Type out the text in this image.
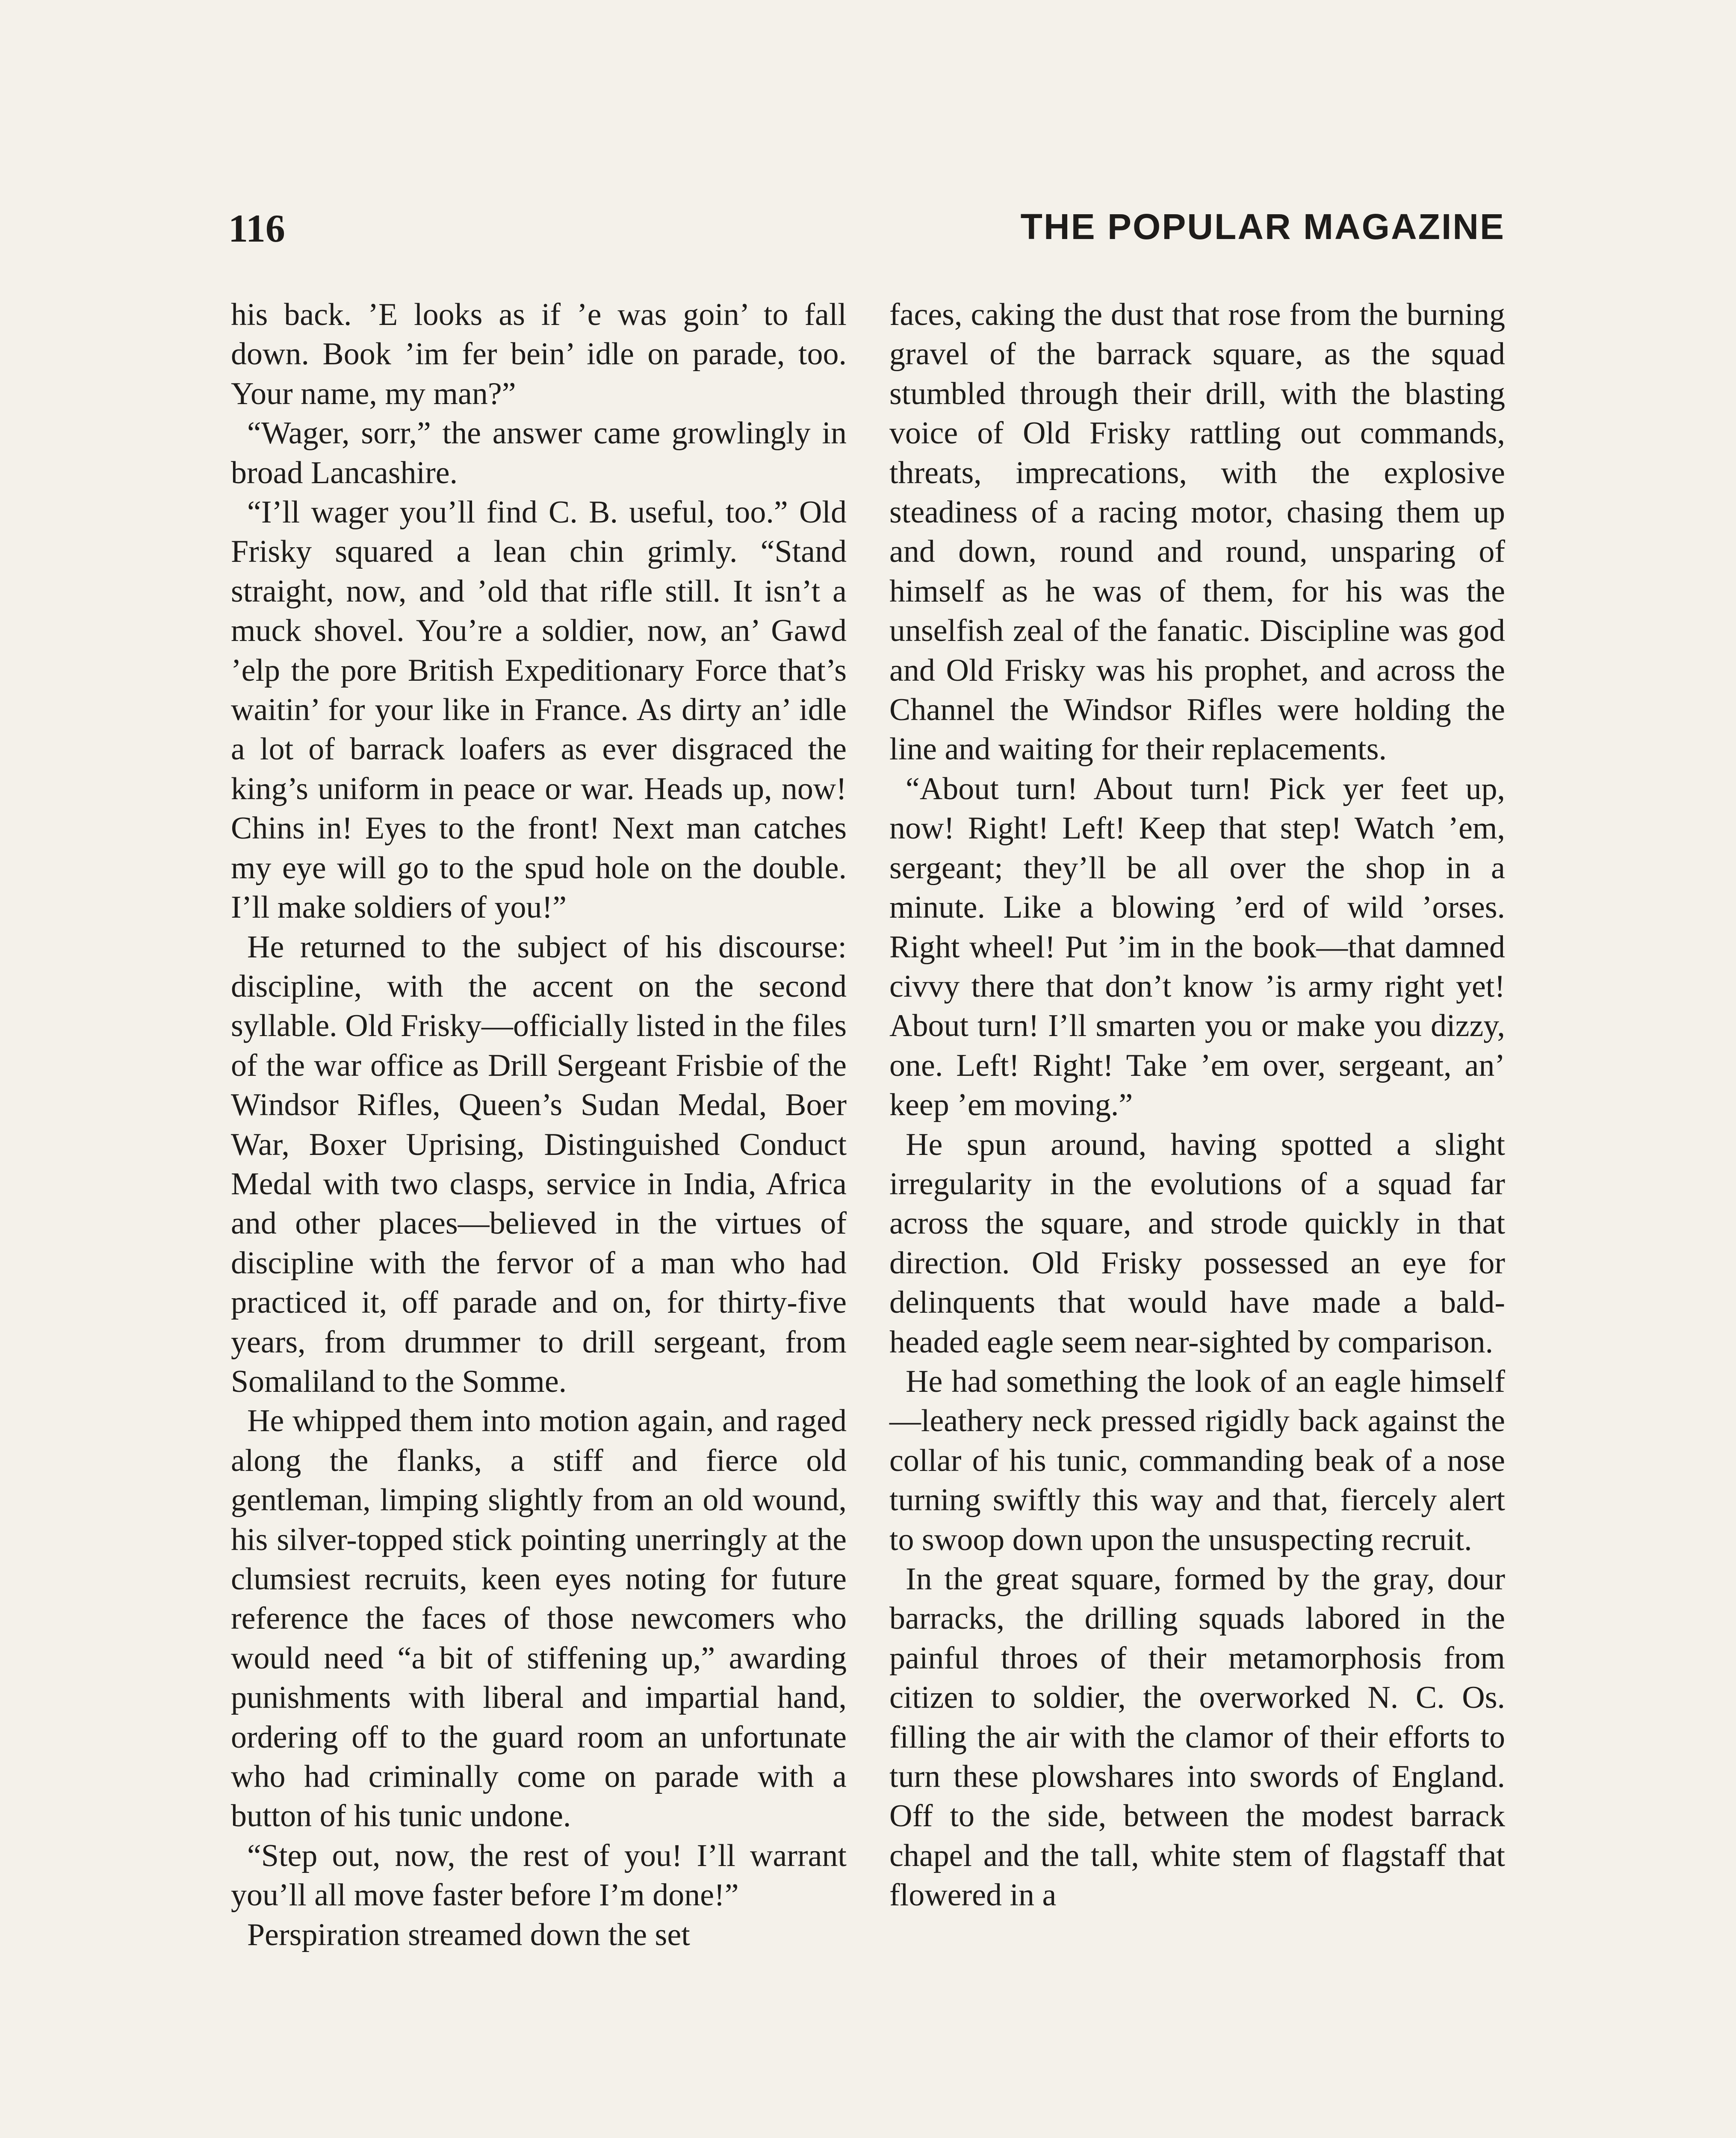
116	THE POPULAR MAGAZINE

his back. ’E looks as if ’e was goin’ to fall down. Book ’im fer bein’ idle on parade, too. Your name, my man?”

“Wager, sorr,” the answer came growlingly in broad Lancashire.

“I’ll wager you’ll find C. B. useful, too.” Old Frisky squared a lean chin grimly. “Stand straight, now, and ’old that rifle still. It isn’t a muck shovel. You’re a soldier, now, an’ Gawd ’elp the pore British Expeditionary Force that’s waitin’ for your like in France. As dirty an’ idle a lot of barrack loafers as ever disgraced the king’s uniform in peace or war. Heads up, now! Chins in! Eyes to the front! Next man catches my eye will go to the spud hole on the double. I’ll make soldiers of you!”

He returned to the subject of his discourse: discipline, with the accent on the second syllable. Old Frisky—officially listed in the files of the war office as Drill Sergeant Frisbie of the Windsor Rifles, Queen’s Sudan Medal, Boer War, Boxer Uprising, Distinguished Conduct Medal with two clasps, service in India, Africa and other places—believed in the virtues of discipline with the fervor of a man who had practiced it, off parade and on, for thirty-five years, from drummer to drill sergeant, from Somaliland to the Somme.

He whipped them into motion again, and raged along the flanks, a stiff and fierce old gentleman, limping slightly from an old wound, his silver-topped stick pointing unerringly at the clumsiest recruits, keen eyes noting for future reference the faces of those newcomers who would need “a bit of stiffening up,” awarding punishments with liberal and impartial hand, ordering off to the guard room an unfortunate who had criminally come on parade with a button of his tunic undone.

“Step out, now, the rest of you! I’ll warrant you’ll all move faster before I’m done!”

Perspiration streamed down the set

faces, caking the dust that rose from the burning gravel of the barrack square, as the squad stumbled through their drill, with the blasting voice of Old Frisky rattling out commands, threats, imprecations, with the explosive steadiness of a racing motor, chasing them up and down, round and round, unsparing of himself as he was of them, for his was the unselfish zeal of the fanatic. Discipline was god and Old Frisky was his prophet, and across the Channel the Windsor Rifles were holding the line and waiting for their replacements.

“About turn! About turn! Pick yer feet up, now! Right! Left! Keep that step! Watch ’em, sergeant; they’ll be all over the shop in a minute. Like a blowing ’erd of wild ’orses. Right wheel! Put ’im in the book—that damned civvy there that don’t know ’is army right yet! About turn! I’ll smarten you or make you dizzy, one. Left! Right! Take ’em over, sergeant, an’ keep ’em moving.”

He spun around, having spotted a slight irregularity in the evolutions of a squad far across the square, and strode quickly in that direction. Old Frisky possessed an eye for delinquents that would have made a bald-headed eagle seem near-sighted by comparison.

He had something the look of an eagle himself—leathery neck pressed rigidly back against the collar of his tunic, commanding beak of a nose turning swiftly this way and that, fiercely alert to swoop down upon the unsuspecting recruit.

In the great square, formed by the gray, dour barracks, the drilling squads labored in the painful throes of their metamorphosis from citizen to soldier, the overworked N. C. Os. filling the air with the clamor of their efforts to turn these plowshares into swords of England. Off to the side, between the modest barrack chapel and the tall, white stem of flagstaff that flowered in a
